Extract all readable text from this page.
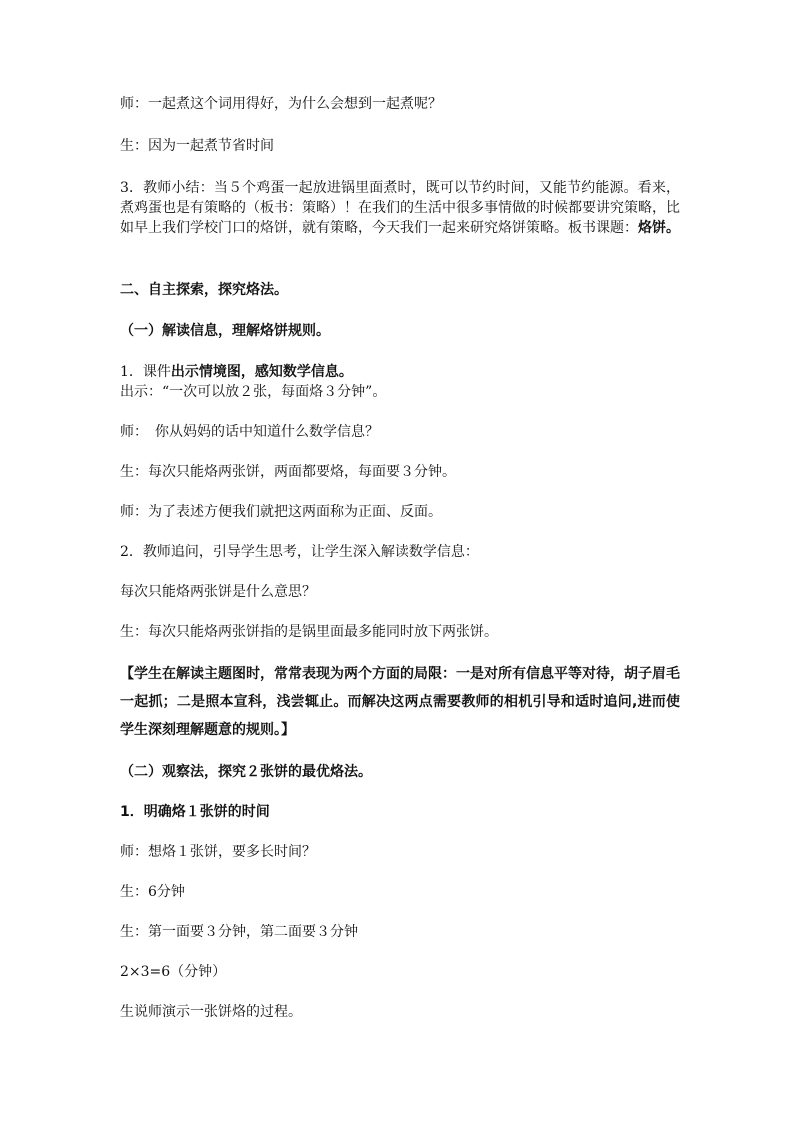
师：一起煮这个词用得好，为什么会想到一起煮呢？
生：因为一起煮节省时间
3．教师小结：当５个鸡蛋一起放进锅里面煮时，既可以节约时间，又能节约能源。看来，煮鸡蛋也是有策略的（板书：策略）！在我们的生活中很多事情做的时候都要讲究策略，比如早上我们学校门口的烙饼，就有策略，今天我们一起来研究烙饼策略。板书课题：烙饼。
二、自主探索，探究烙法。
（一）解读信息，理解烙饼规则。
1．课件出示情境图，感知数学信息。
出示：“一次可以放２张，每面烙３分钟”。
师：　你从妈妈的话中知道什么数学信息？
生：每次只能烙两张饼，两面都要烙，每面要３分钟。
师：为了表述方便我们就把这两面称为正面、反面。
2．教师追问，引导学生思考，让学生深入解读数学信息：
每次只能烙两张饼是什么意思？
生：每次只能烙两张饼指的是锅里面最多能同时放下两张饼。
【学生在解读主题图时，常常表现为两个方面的局限：一是对所有信息平等对待，胡子眉毛一起抓；二是照本宣科，浅尝辄止。而解决这两点需要教师的相机引导和适时追问,进而使学生深刻理解题意的规则。】
（二）观察法，探究２张饼的最优烙法。
1．明确烙１张饼的时间
师：想烙１张饼，要多长时间？
生：6分钟
生：第一面要３分钟，第二面要３分钟
2×3=6（分钟）
生说师演示一张饼烙的过程。
